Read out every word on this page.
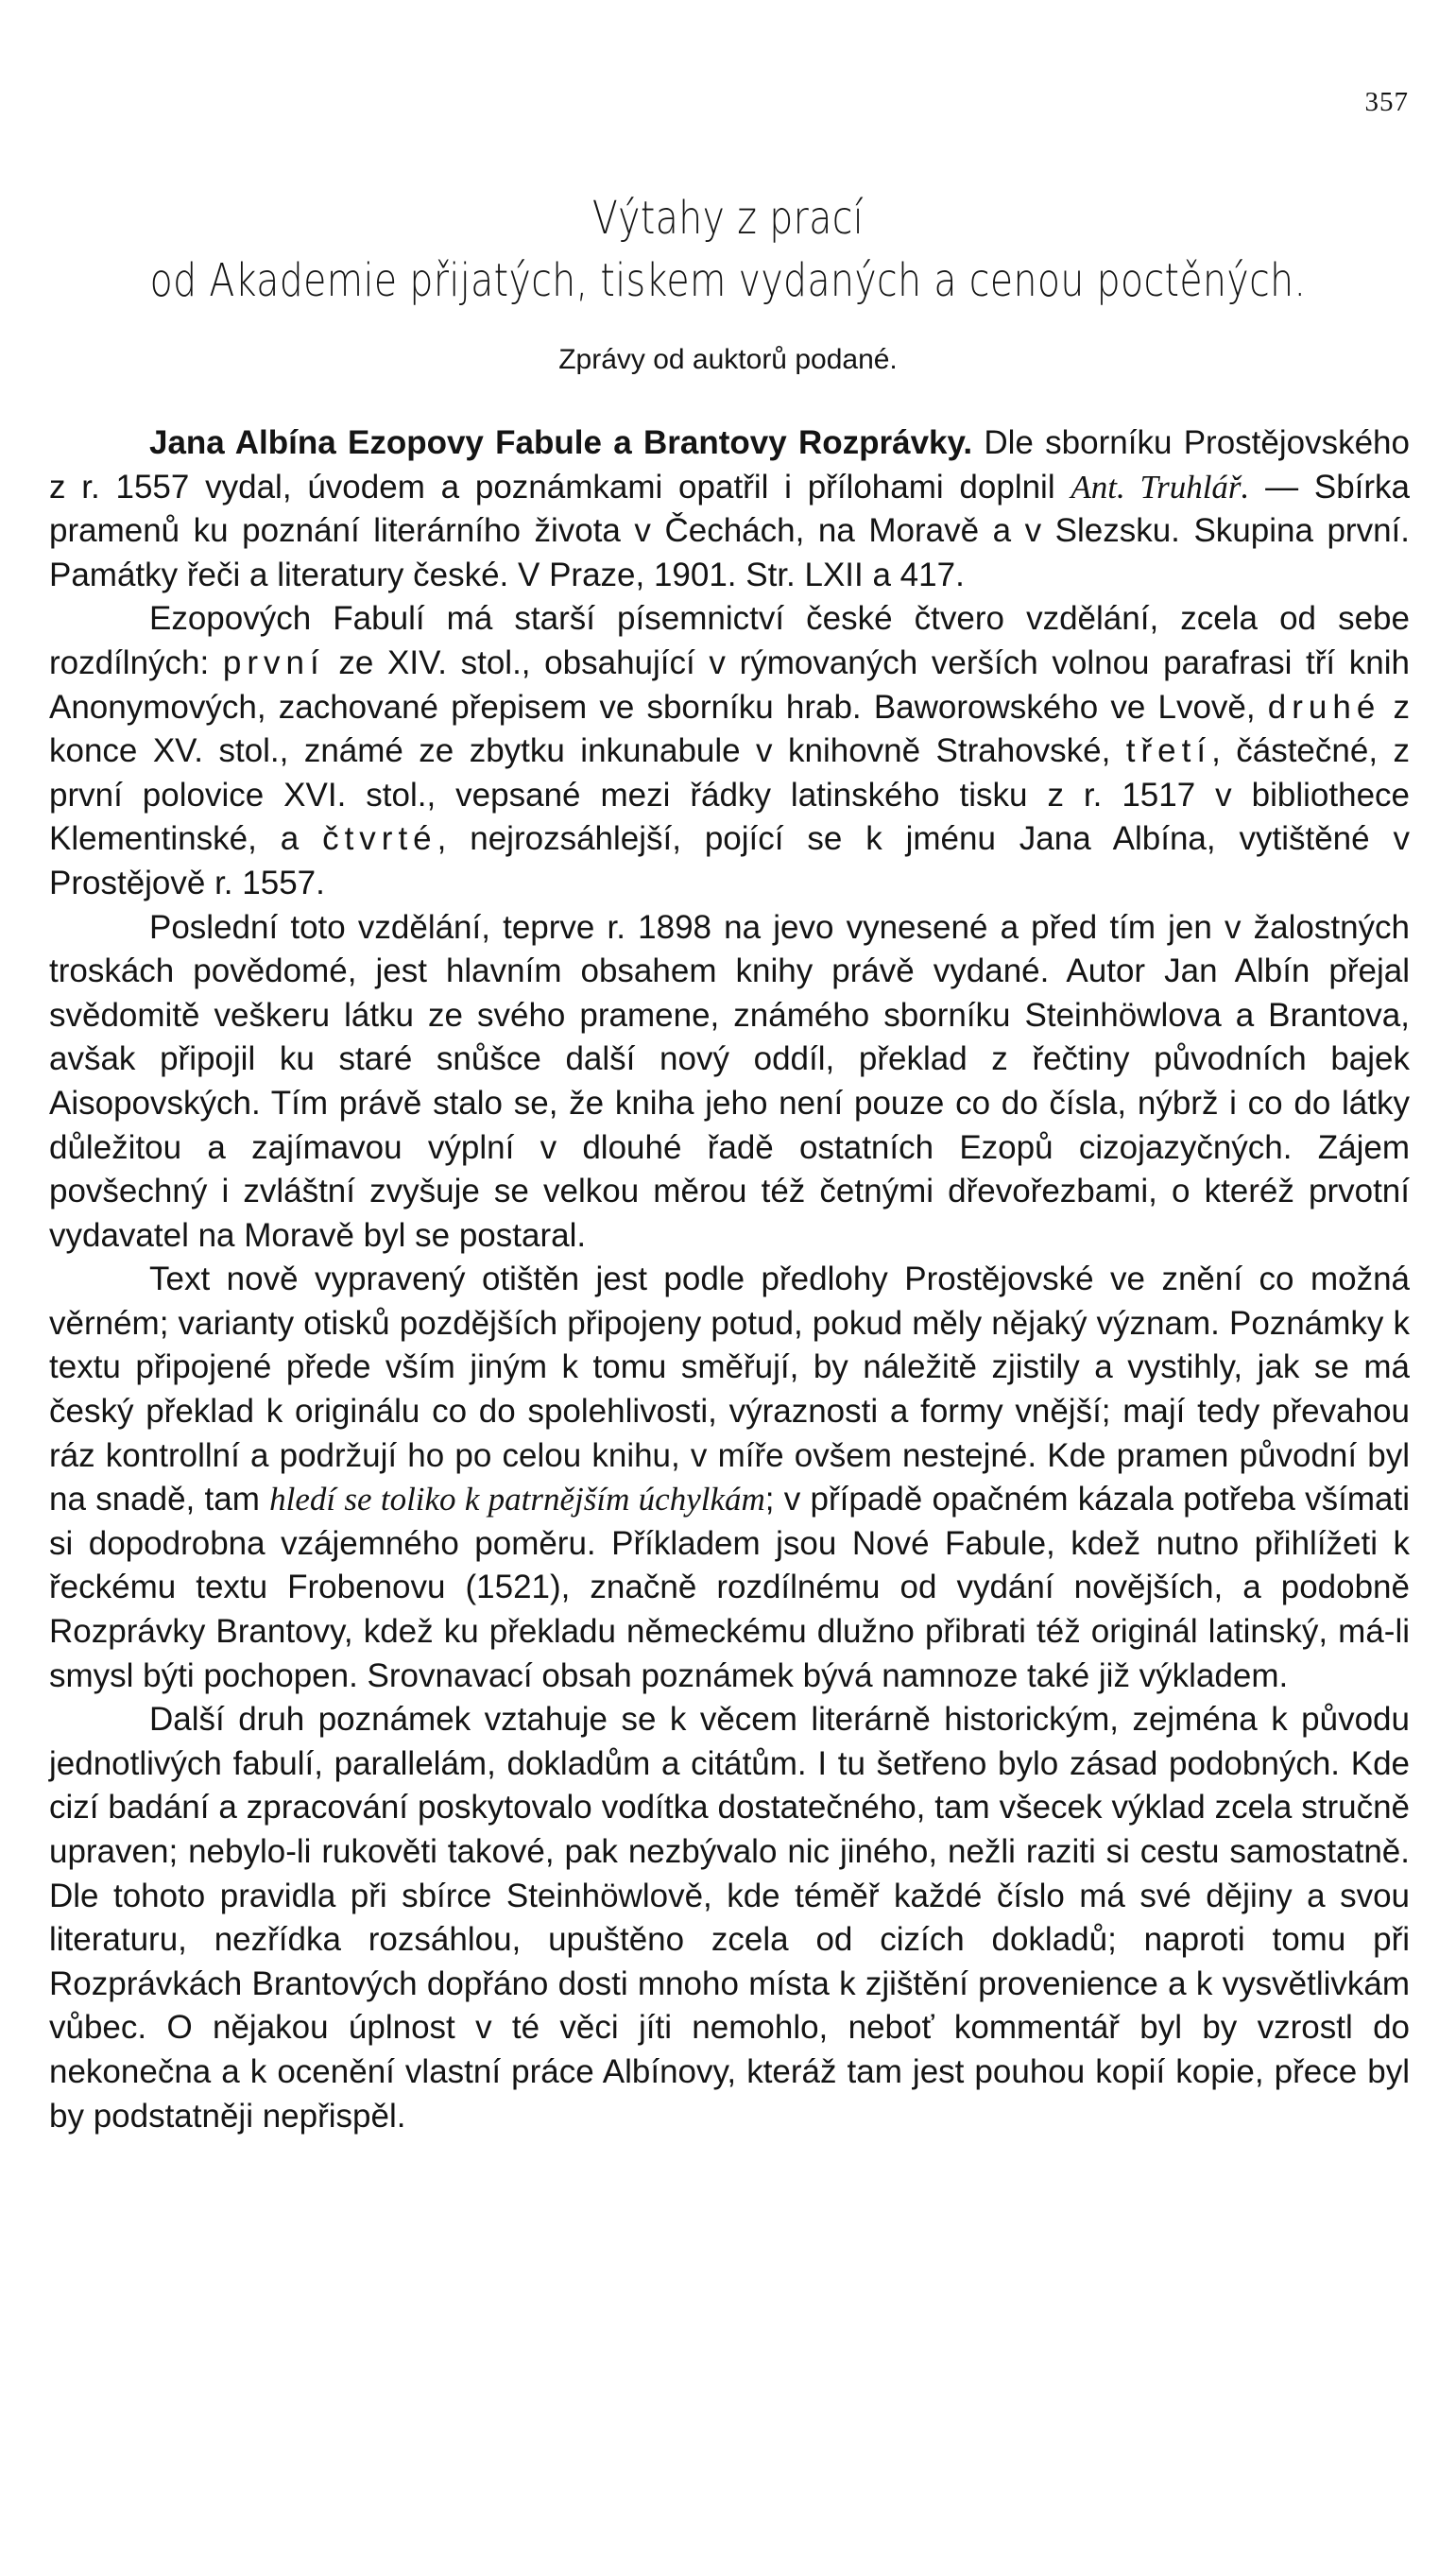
357
Výtahy z prací
od Akademie přijatých, tiskem vydaných a cenou poctěných.
Zprávy od auktorů podané.

Jana Albína Ezopovy Fabule a Brantovy Rozprávky. Dle sborníku Prostějovského z r. 1557 vydal, úvodem a poznámkami opatřil i přílohami doplnil Ant. Truhlář. — Sbírka pramenů ku poznání literárního života v Čechách, na Moravě a v Slezsku. Skupina první. Památky řeči a literatury české. V Praze, 1901. Str. LXII a 417.

Ezopových Fabulí má starší písemnictví české čtvero vzdělání, zcela od sebe rozdílných: první ze XIV. stol., obsahující v rýmovaných verších volnou parafrasi tří knih Anonymových, zachované přepisem ve sborníku hrab. Baworowského ve Lvově, druhé z konce XV. stol., známé ze zbytku inkunabule v knihovně Strahovské, třetí, částečné, z první polovice XVI. stol., vepsané mezi řádky latinského tisku z r. 1517 v bibliothece Klementinské, a čtvrté, nejrozsáhlejší, pojící se k jménu Jana Albína, vytištěné v Prostějově r. 1557.

Poslední toto vzdělání, teprve r. 1898 na jevo vynesené a před tím jen v žalostných troskách povědomé, jest hlavním obsahem knihy právě vydané. Autor Jan Albín přejal svědomitě veškeru látku ze svého pramene, známého sborníku Steinhöwlova a Brantova, avšak připojil ku staré snůšce další nový oddíl, překlad z řečtiny původních bajek Aisopovských. Tím právě stalo se, že kniha jeho není pouze co do čísla, nýbrž i co do látky důležitou a zajímavou výplní v dlouhé řadě ostatních Ezopů cizojazyčných. Zájem povšechný i zvláštní zvyšuje se velkou měrou též četnými dřevořezbami, o kteréž prvotní vydavatel na Moravě byl se postaral.

Text nově vypravený otištěn jest podle předlohy Prostějovské ve znění co možná věrném; varianty otisků pozdějších připojeny potud, pokud měly nějaký význam. Poznámky k textu připojené přede vším jiným k tomu směřují, by náležitě zjistily a vystihly, jak se má český překlad k originálu co do spolehlivosti, výraznosti a formy vnější; mají tedy převahou ráz kontrollní a podržují ho po celou knihu, v míře ovšem nestejné. Kde pramen původní byl na snadě, tam hledí se toliko k patrnějším úchylkám; v případě opačném kázala potřeba všímati si dopodrobna vzájemného poměru. Příkladem jsou Nové Fabule, kdež nutno přihlížeti k řeckému textu Frobenovu (1521), značně rozdílnému od vydání novějších, a podobně Rozprávky Brantovy, kdež ku překladu německému dlužno přibrati též originál latinský, má-li smysl býti pochopen. Srovnavací obsah poznámek bývá namnoze také již výkladem.

Další druh poznámek vztahuje se k věcem literárně historickým, zejména k původu jednotlivých fabulí, parallelám, dokladům a citátům. I tu šetřeno bylo zásad podobných. Kde cizí badání a zpracování poskytovalo vodítka dostatečného, tam všecek výklad zcela stručně upraven; nebylo-li rukověti takové, pak nezbývalo nic jiného, nežli raziti si cestu samostatně. Dle tohoto pravidla při sbírce Steinhöwlově, kde téměř každé číslo má své dějiny a svou literaturu, nezřídka rozsáhlou, upuštěno zcela od cizích dokladů; naproti tomu při Rozprávkách Brantových dopřáno dosti mnoho místa k zjištění provenience a k vysvětlivkám vůbec. O nějakou úplnost v té věci jíti nemohlo, neboť kommentář byl by vzrostl do nekonečna a k ocenění vlastní práce Albínovy, kteráž tam jest pouhou kopií kopie, přece byl by podstatněji nepřispěl.
